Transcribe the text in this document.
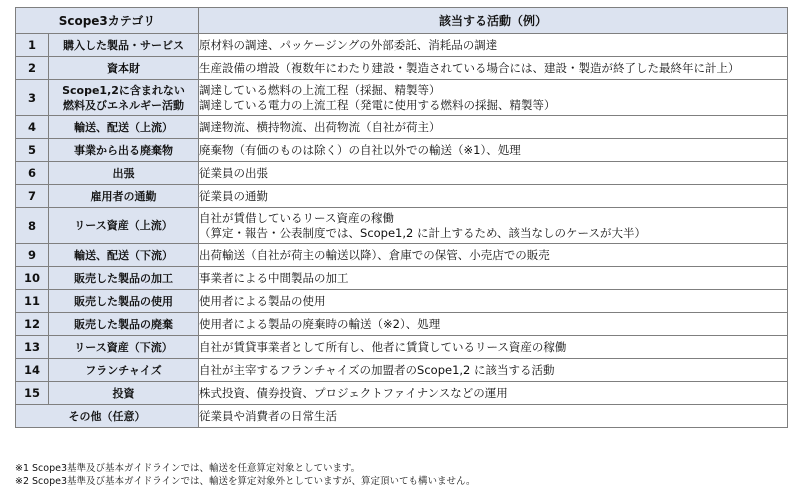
Scope3カテゴリ		該当する活動（例）
1	購入した製品・サービス	原材料の調達、パッケージングの外部委託、消耗品の調達

2	資本財	生産設備の増設（複数年にわたり建設・製造されている場合には、建設・製造が終了した最終年に計上）

3	Scope1,2に含まれない
燃料及びエネルギー活動	調達している燃料の上流工程（採掘、精製等）
調達している電力の上流工程（発電に使用する燃料の採掘、精製等）

4	輸送、配送（上流）	調達物流、横持物流、出荷物流（自社が荷主）

5	事業から出る廃棄物	廃棄物（有価のものは除く）の自社以外での輸送（※1）、処理

6	出張	従業員の出張

7	雇用者の通勤	従業員の通勤

8	リース資産（上流）	自社が賃借しているリース資産の稼働
（算定・報告・公表制度では、Scope1,2 に計上するため、該当なしのケースが大半）

9	輸送、配送（下流）	出荷輸送（自社が荷主の輸送以降）、倉庫での保管、小売店での販売

10	販売した製品の加工	事業者による中間製品の加工

11	販売した製品の使用	使用者による製品の使用

12	販売した製品の廃棄	使用者による製品の廃棄時の輸送（※2）、処理

13	リース資産（下流）	自社が賃貸事業者として所有し、他者に賃貸しているリース資産の稼働

14	フランチャイズ	自社が主宰するフランチャイズの加盟者のScope1,2 に該当する活動

15	投資	株式投資、債券投資、プロジェクトファイナンスなどの運用

その他（任意）		従業員や消費者の日常生活
※1 Scope3基準及び基本ガイドラインでは、輸送を任意算定対象としています。
※2 Scope3基準及び基本ガイドラインでは、輸送を算定対象外としていますが、算定頂いても構いません。
